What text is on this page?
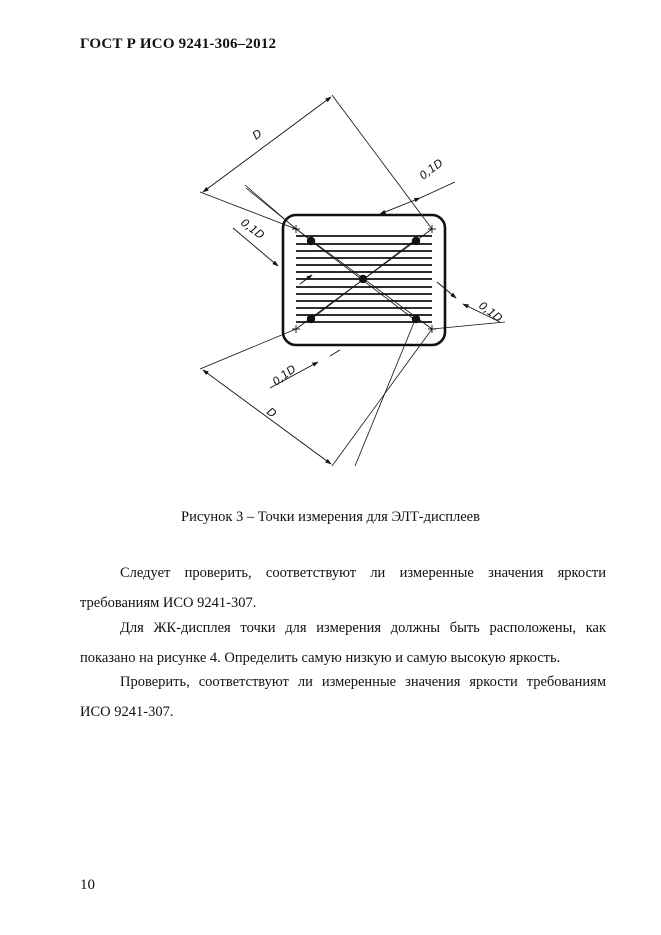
ГОСТ Р ИСО 9241-306–2012
D
D
0,1D
0,1D
0,1D
0,1D
Рисунок 3 – Точки измерения для ЭЛТ-дисплеев

Следует проверить, соответствуют ли измеренные значения яркости требованиям ИСО 9241-307.

Для ЖК-дисплея точки для измерения должны быть расположены, как показано на рисунке 4. Определить самую низкую и самую высокую яркость.

Проверить, соответствуют ли измеренные значения яркости требованиям ИСО 9241-307.

10
